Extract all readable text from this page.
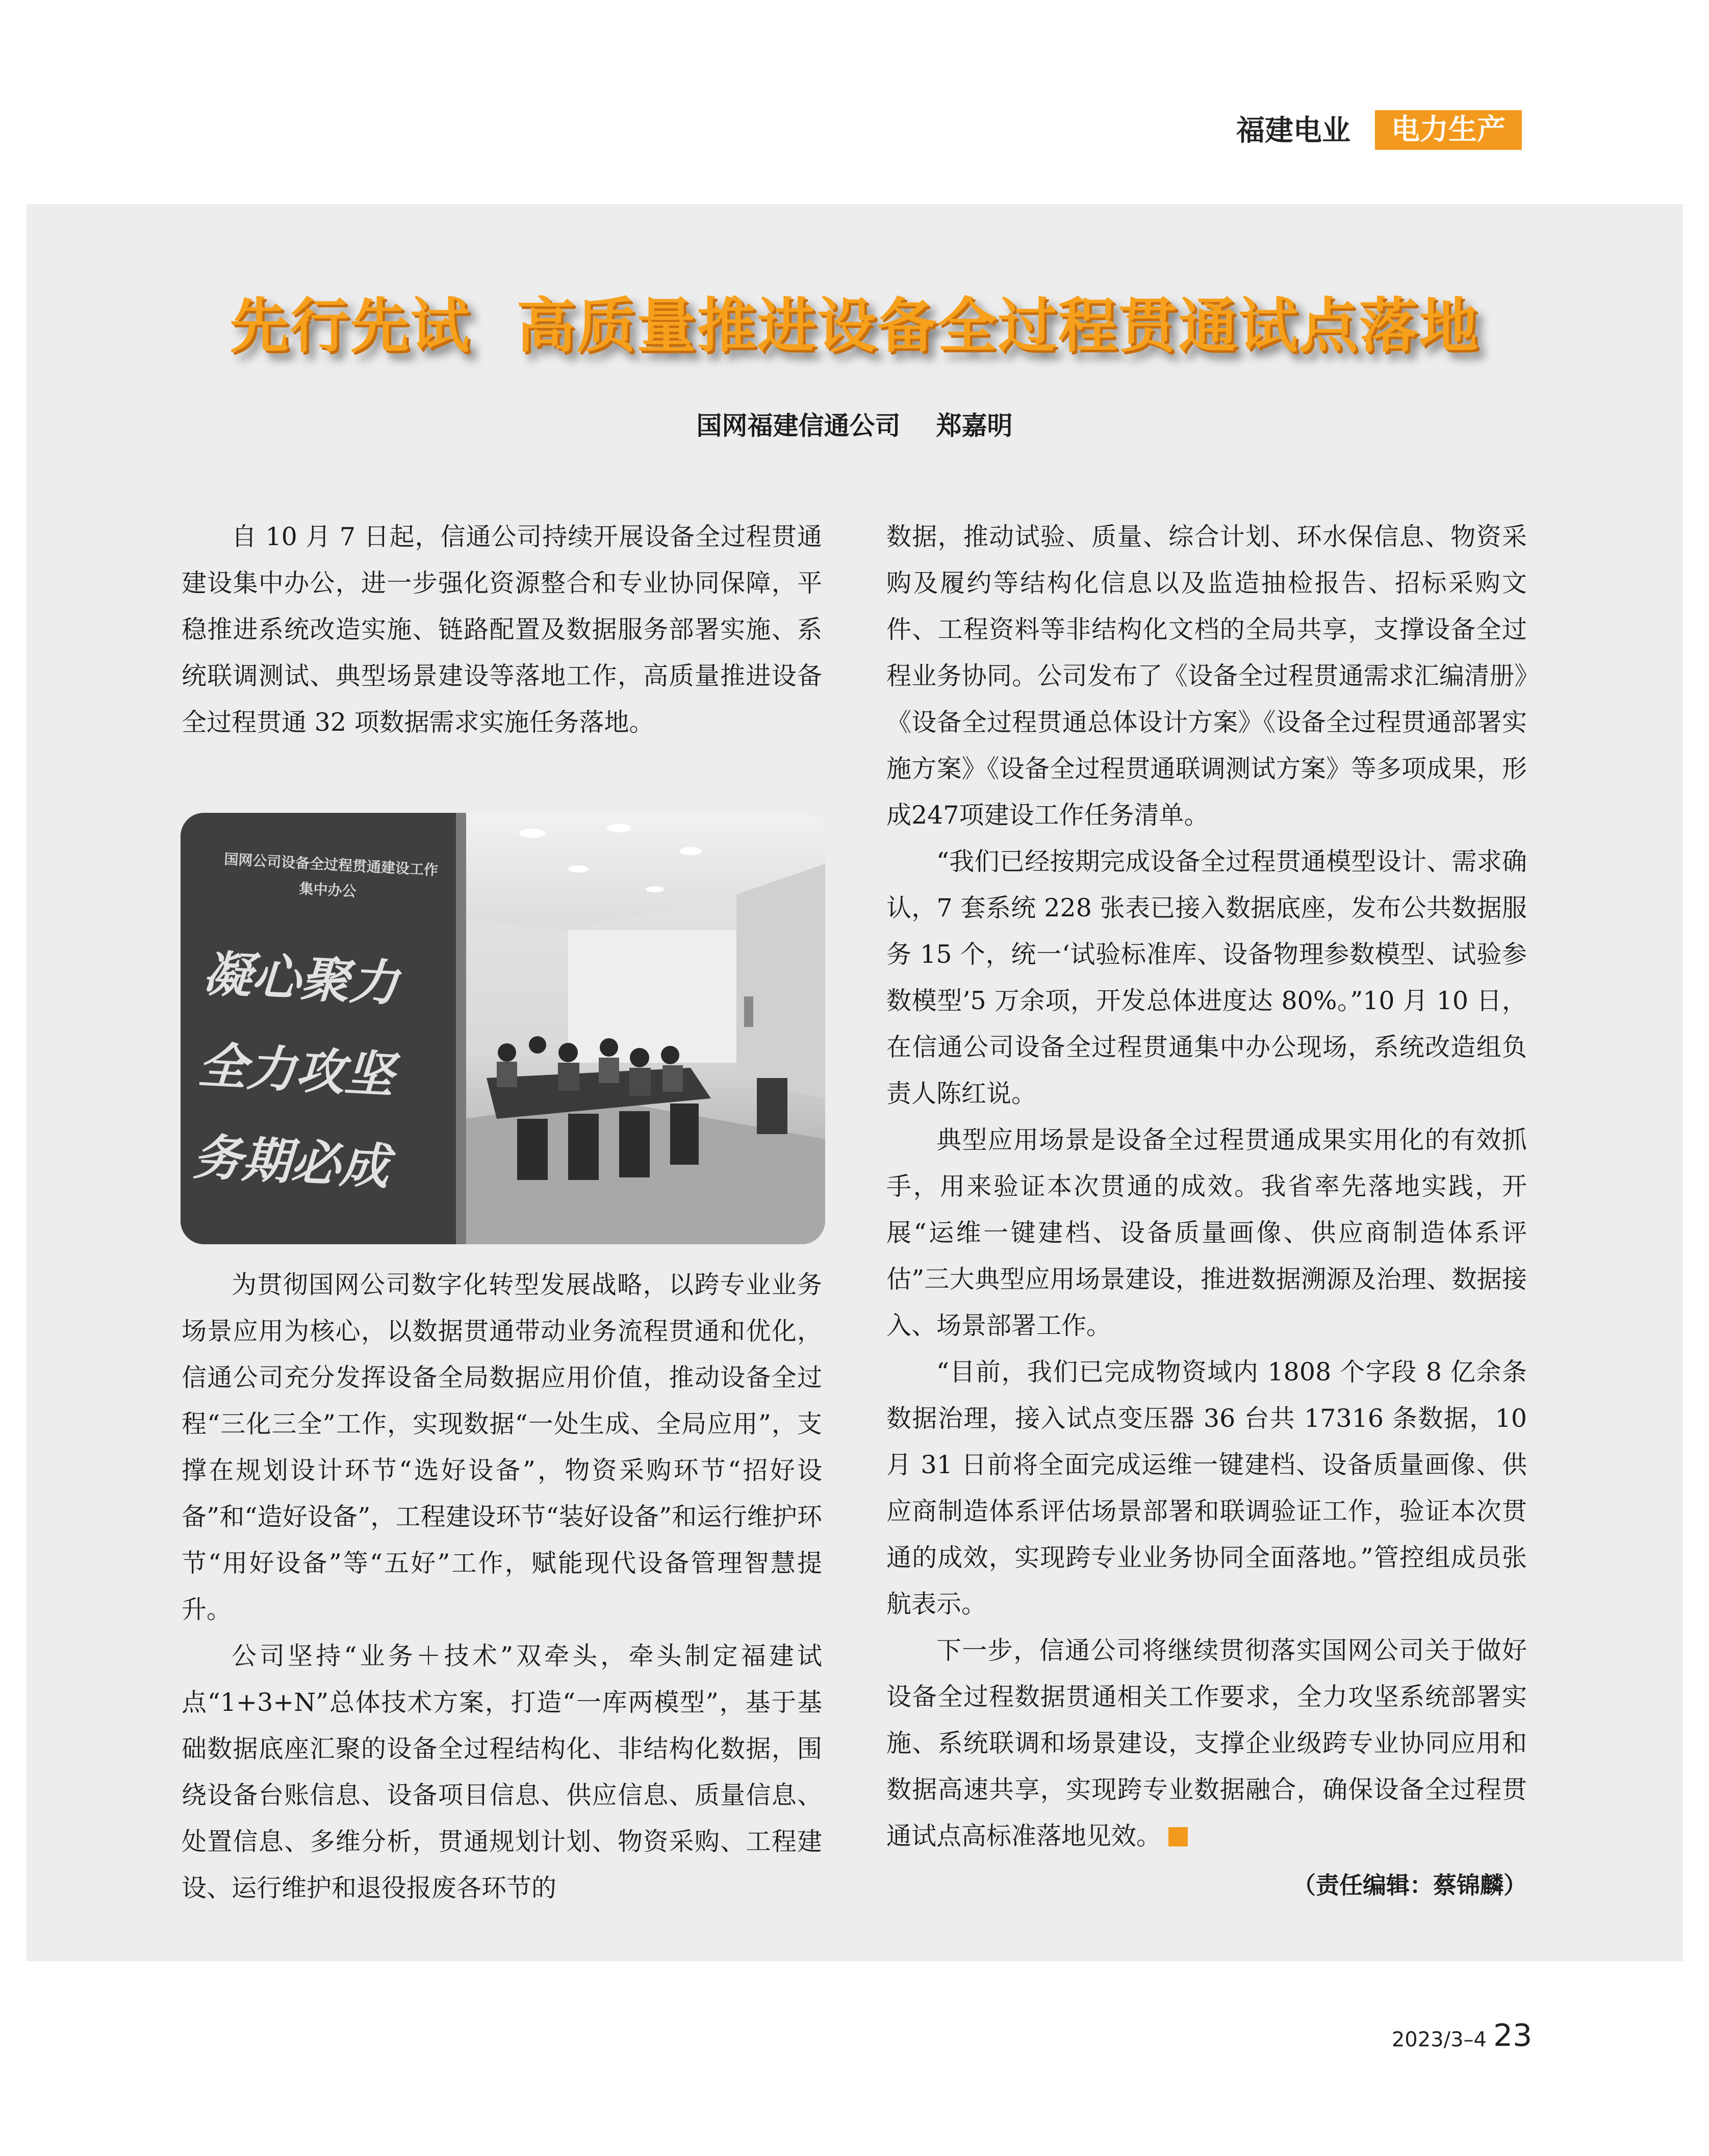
福建电业	电力生产
先行先试 高质量推进设备全过程贯通试点落地
国网福建信通公司 郑嘉明

自 10 月 7 日起，信通公司持续开展设备全过程贯通建设集中办公，进一步强化资源整合和专业协同保障，平稳推进系统改造实施、链路配置及数据服务部署实施、系统联调测试、典型场景建设等落地工作，高质量推进设备全过程贯通 32 项数据需求实施任务落地。

国网公司设备全过程贯通建设工作
集中办公
凝心聚力
全力攻坚
务期必成

为贯彻国网公司数字化转型发展战略，以跨专业业务场景应用为核心，以数据贯通带动业务流程贯通和优化，信通公司充分发挥设备全局数据应用价值，推动设备全过程“三化三全”工作，实现数据“一处生成、全局应用”，支撑在规划设计环节“选好设备”，物资采购环节“招好设备”和“造好设备”，工程建设环节“装好设备”和运行维护环节“用好设备”等“五好”工作，赋能现代设备管理智慧提升。

公司坚持“业务＋技术”双牵头，牵头制定福建试点“1+3+N”总体技术方案，打造“一库两模型”，基于基础数据底座汇聚的设备全过程结构化、非结构化数据，围绕设备台账信息、设备项目信息、供应信息、质量信息、处置信息、多维分析，贯通规划计划、物资采购、工程建设、运行维护和退役报废各环节的

数据，推动试验、质量、综合计划、环水保信息、物资采购及履约等结构化信息以及监造抽检报告、招标采购文件、工程资料等非结构化文档的全局共享，支撑设备全过程业务协同。公司发布了《设备全过程贯通需求汇编清册》《设备全过程贯通总体设计方案》《设备全过程贯通部署实施方案》《设备全过程贯通联调测试方案》等多项成果，形成247项建设工作任务清单。

“我们已经按期完成设备全过程贯通模型设计、需求确认，7 套系统 228 张表已接入数据底座，发布公共数据服务 15 个，统一‘试验标准库、设备物理参数模型、试验参数模型’5 万余项，开发总体进度达 80%。”10 月 10 日，在信通公司设备全过程贯通集中办公现场，系统改造组负责人陈红说。

典型应用场景是设备全过程贯通成果实用化的有效抓手，用来验证本次贯通的成效。我省率先落地实践，开展“运维一键建档、设备质量画像、供应商制造体系评估”三大典型应用场景建设，推进数据溯源及治理、数据接入、场景部署工作。

“目前，我们已完成物资域内 1808 个字段 8 亿余条数据治理，接入试点变压器 36 台共 17316 条数据，10 月 31 日前将全面完成运维一键建档、设备质量画像、供应商制造体系评估场景部署和联调验证工作，验证本次贯通的成效，实现跨专业业务协同全面落地。”管控组成员张航表示。

下一步，信通公司将继续贯彻落实国网公司关于做好设备全过程数据贯通相关工作要求，全力攻坚系统部署实施、系统联调和场景建设，支撑企业级跨专业协同应用和数据高速共享，实现跨专业数据融合，确保设备全过程贯通试点高标准落地见效。

（责任编辑：蔡锦麟）
2023/3–4 23
